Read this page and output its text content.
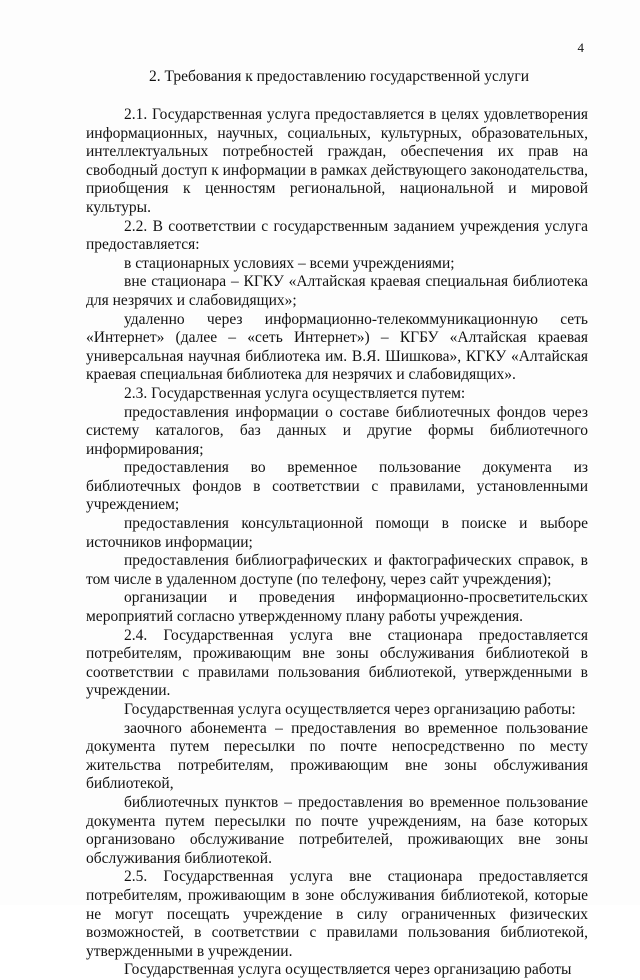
4
2. Требования к предоставлению государственной услуги

2.1. Государственная услуга предоставляется в целях удовлетворения информационных, научных, социальных, культурных, образовательных, интеллектуальных потребностей граждан, обеспечения их прав на свободный доступ к информации в рамках действующего законодательства, приобщения к ценностям региональной, национальной и мировой культуры.

2.2. В соответствии с государственным заданием учреждения услуга предоставляется:

в стационарных условиях – всеми учреждениями;

вне стационара – КГКУ «Алтайская краевая специальная библиотека для незрячих и слабовидящих»;

удаленно через информационно-телекоммуникационную сеть «Интернет» (далее – «сеть Интернет») – КГБУ «Алтайская краевая универсальная научная библиотека им. В.Я. Шишкова», КГКУ «Алтайская краевая специальная библиотека для незрячих и слабовидящих».

2.3. Государственная услуга осуществляется путем:

предоставления информации о составе библиотечных фондов через систему каталогов, баз данных и другие формы библиотечного информирования;

предоставления во временное пользование документа из библиотечных фондов в соответствии с правилами, установленными учреждением;

предоставления консультационной помощи в поиске и выборе источников информации;

предоставления библиографических и фактографических справок, в том числе в удаленном доступе (по телефону, через сайт учреждения);

организации и проведения информационно-просветительских мероприятий согласно утвержденному плану работы учреждения.

2.4. Государственная услуга вне стационара предоставляется потребителям, проживающим вне зоны обслуживания библиотекой в соответствии с правилами пользования библиотекой, утвержденными в учреждении.

Государственная услуга осуществляется через организацию работы:

заочного абонемента – предоставления во временное пользование документа путем пересылки по почте непосредственно по месту жительства потребителям, проживающим вне зоны обслуживания библиотекой,

библиотечных пунктов – предоставления во временное пользование документа путем пересылки по почте учреждениям, на базе которых организовано обслуживание потребителей, проживающих вне зоны обслуживания библиотекой.

2.5. Государственная услуга вне стационара предоставляется потребителям, проживающим в зоне обслуживания библиотекой, которые не могут посещать учреждение в силу ограниченных физических возможностей, в соответствии с правилами пользования библиотекой, утвержденными в учреждении.

Государственная услуга осуществляется через организацию работы
